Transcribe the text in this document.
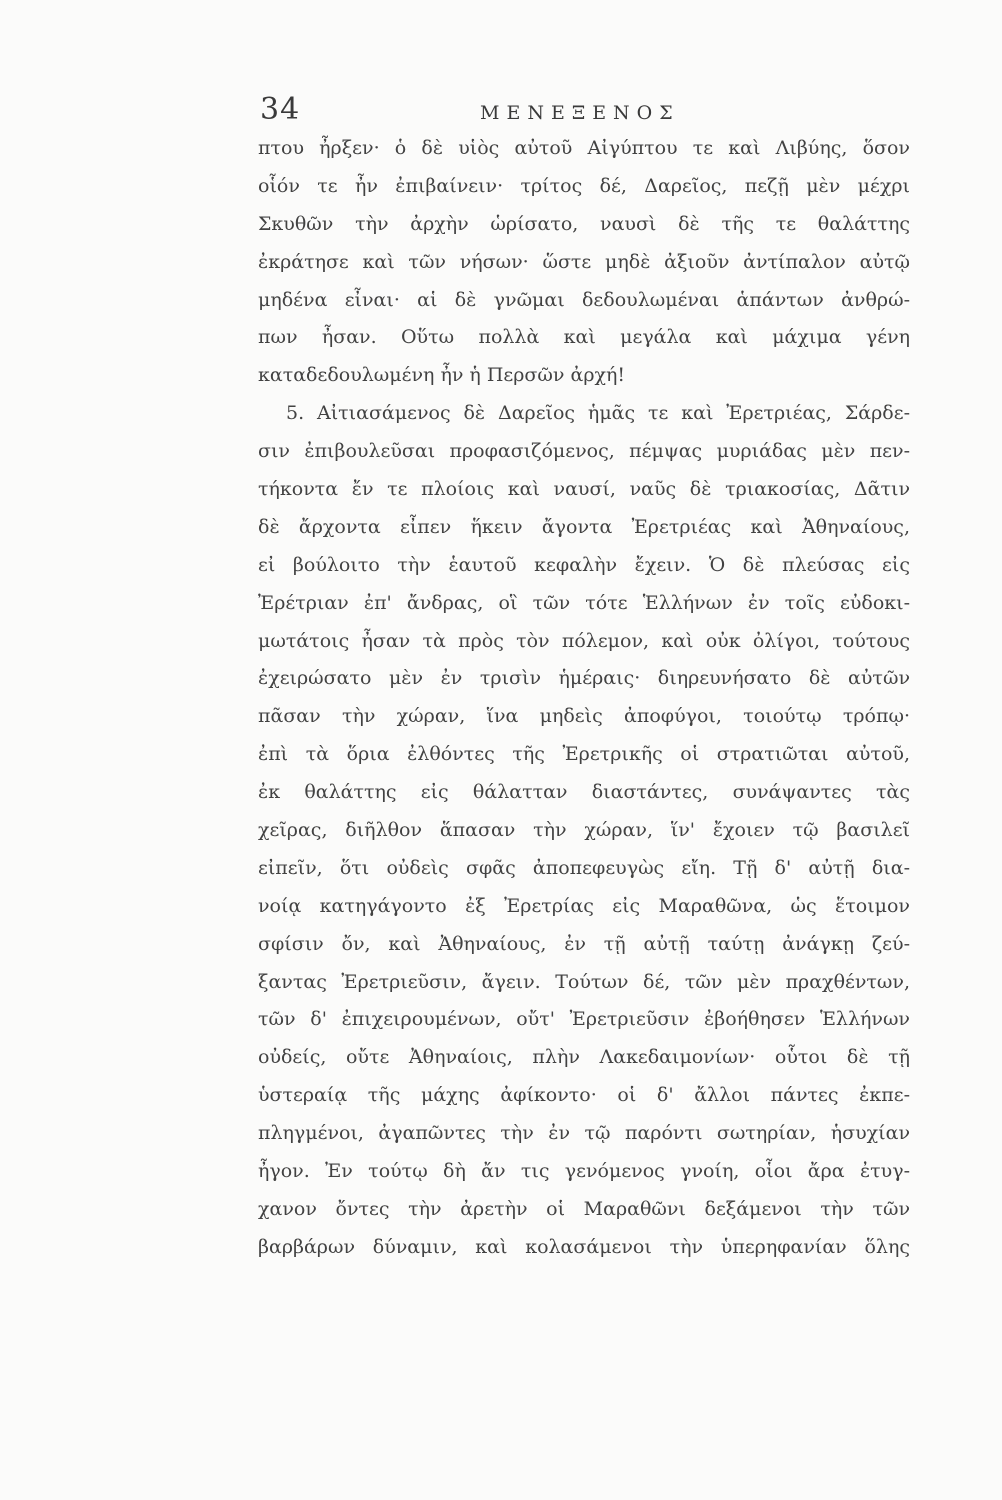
34	ΜΕΝΕΞΕΝΟΣ
πτου ἦρξεν· ὁ δὲ υἱὸς αὐτοῦ Αἰγύπτου τε καὶ Λιβύης, ὅσον
οἷόν τε ἦν ἐπιβαίνειν· τρίτος δέ, Δαρεῖος, πεζῇ μὲν μέχρι
Σκυθῶν τὴν ἀρχὴν ὡρίσατο, ναυσὶ δὲ τῆς τε θαλάττης
ἐκράτησε καὶ τῶν νήσων· ὥστε μηδὲ ἀξιοῦν ἀντίπαλον αὐτῷ
μηδένα εἶναι· αἱ δὲ γνῶμαι δεδουλωμέναι ἁπάντων ἀνθρώ-
πων ἦσαν. Οὕτω πολλὰ καὶ μεγάλα καὶ μάχιμα γένη
καταδεδουλωμένη ἦν ἡ Περσῶν ἀρχή!
5. Αἰτιασάμενος δὲ Δαρεῖος ἡμᾶς τε καὶ Ἐρετριέας, Σάρδε-
σιν ἐπιβουλεῦσαι προφασιζόμενος, πέμψας μυριάδας μὲν πεν-
τήκοντα ἔν τε πλοίοις καὶ ναυσί, ναῦς δὲ τριακοσίας, Δᾶτιν
δὲ ἄρχοντα εἶπεν ἥκειν ἄγοντα Ἐρετριέας καὶ Ἀθηναίους,
εἰ βούλοιτο τὴν ἑαυτοῦ κεφαλὴν ἔχειν. Ὁ δὲ πλεύσας εἰς
Ἐρέτριαν ἐπ' ἄνδρας, οἳ τῶν τότε Ἑλλήνων ἐν τοῖς εὐδοκι-
μωτάτοις ἦσαν τὰ πρὸς τὸν πόλεμον, καὶ οὐκ ὀλίγοι, τούτους
ἐχειρώσατο μὲν ἐν τρισὶν ἡμέραις· διηρευνήσατο δὲ αὐτῶν
πᾶσαν τὴν χώραν, ἵνα μηδεὶς ἀποφύγοι, τοιούτῳ τρόπῳ·
ἐπὶ τὰ ὅρια ἐλθόντες τῆς Ἐρετρικῆς οἱ στρατιῶται αὐτοῦ,
ἐκ θαλάττης εἰς θάλατταν διαστάντες, συνάψαντες τὰς
χεῖρας, διῆλθον ἅπασαν τὴν χώραν, ἵν' ἔχοιεν τῷ βασιλεῖ
εἰπεῖν, ὅτι οὐδεὶς σφᾶς ἀποπεφευγὼς εἴη. Τῇ δ' αὐτῇ δια-
νοίᾳ κατηγάγοντο ἐξ Ἐρετρίας εἰς Μαραθῶνα, ὡς ἕτοιμον
σφίσιν ὄν, καὶ Ἀθηναίους, ἐν τῇ αὐτῇ ταύτῃ ἀνάγκῃ ζεύ-
ξαντας Ἐρετριεῦσιν, ἄγειν. Τούτων δέ, τῶν μὲν πραχθέντων,
τῶν δ' ἐπιχειρουμένων, οὔτ' Ἐρετριεῦσιν ἐβοήθησεν Ἑλλήνων
οὐδείς, οὔτε Ἀθηναίοις, πλὴν Λακεδαιμονίων· οὗτοι δὲ τῇ
ὑστεραίᾳ τῆς μάχης ἀφίκοντο· οἱ δ' ἄλλοι πάντες ἐκπε-
πληγμένοι, ἀγαπῶντες τὴν ἐν τῷ παρόντι σωτηρίαν, ἡσυχίαν
ἦγον. Ἐν τούτῳ δὴ ἄν τις γενόμενος γνοίη, οἷοι ἄρα ἐτυγ-
χανον ὄντες τὴν ἀρετὴν οἱ Μαραθῶνι δεξάμενοι τὴν τῶν
βαρβάρων δύναμιν, καὶ κολασάμενοι τὴν ὑπερηφανίαν ὅλης
